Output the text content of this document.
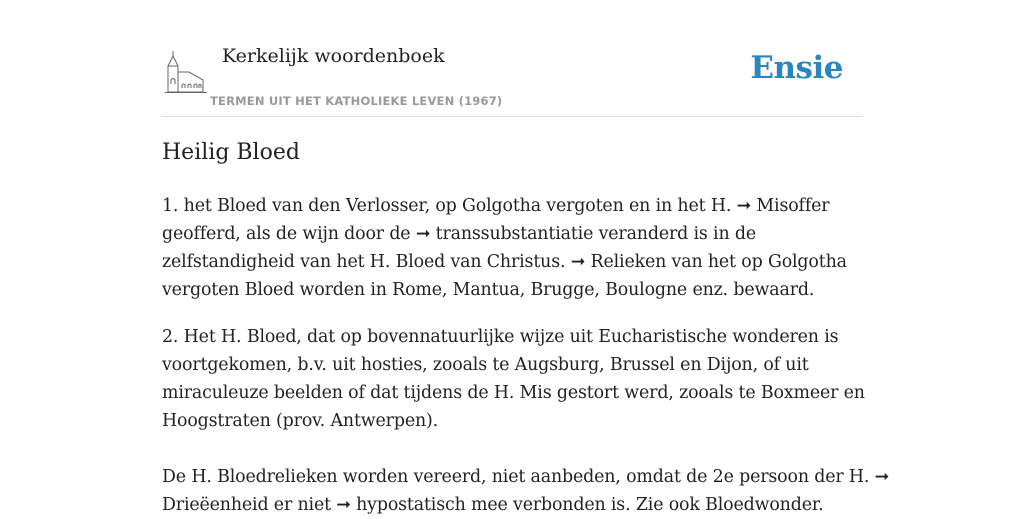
Kerkelijk woordenboek
TERMEN UIT HET KATHOLIEKE LEVEN (1967)
Ensie
Heilig Bloed

1. het Bloed van den Verlosser, op Golgotha vergoten en in het H. ➞ Misoffer
geofferd, als de wijn door de ➞ transsubstantiatie veranderd is in de
zelfstandigheid van het H. Bloed van Christus. ➞ Relieken van het op Golgotha
vergoten Bloed worden in Rome, Mantua, Brugge, Boulogne enz. bewaard.

2. Het H. Bloed, dat op bovennatuurlijke wijze uit Eucharistische wonderen is
voortgekomen, b.v. uit hosties, zooals te Augsburg, Brussel en Dijon, of uit
miraculeuze beelden of dat tijdens de H. Mis gestort werd, zooals te Boxmeer en
Hoogstraten (prov. Antwerpen).

De H. Bloedrelieken worden vereerd, niet aanbeden, omdat de 2e persoon der H. ➞
Drieëenheid er niet ➞ hypostatisch mee verbonden is. Zie ook Bloedwonder.
